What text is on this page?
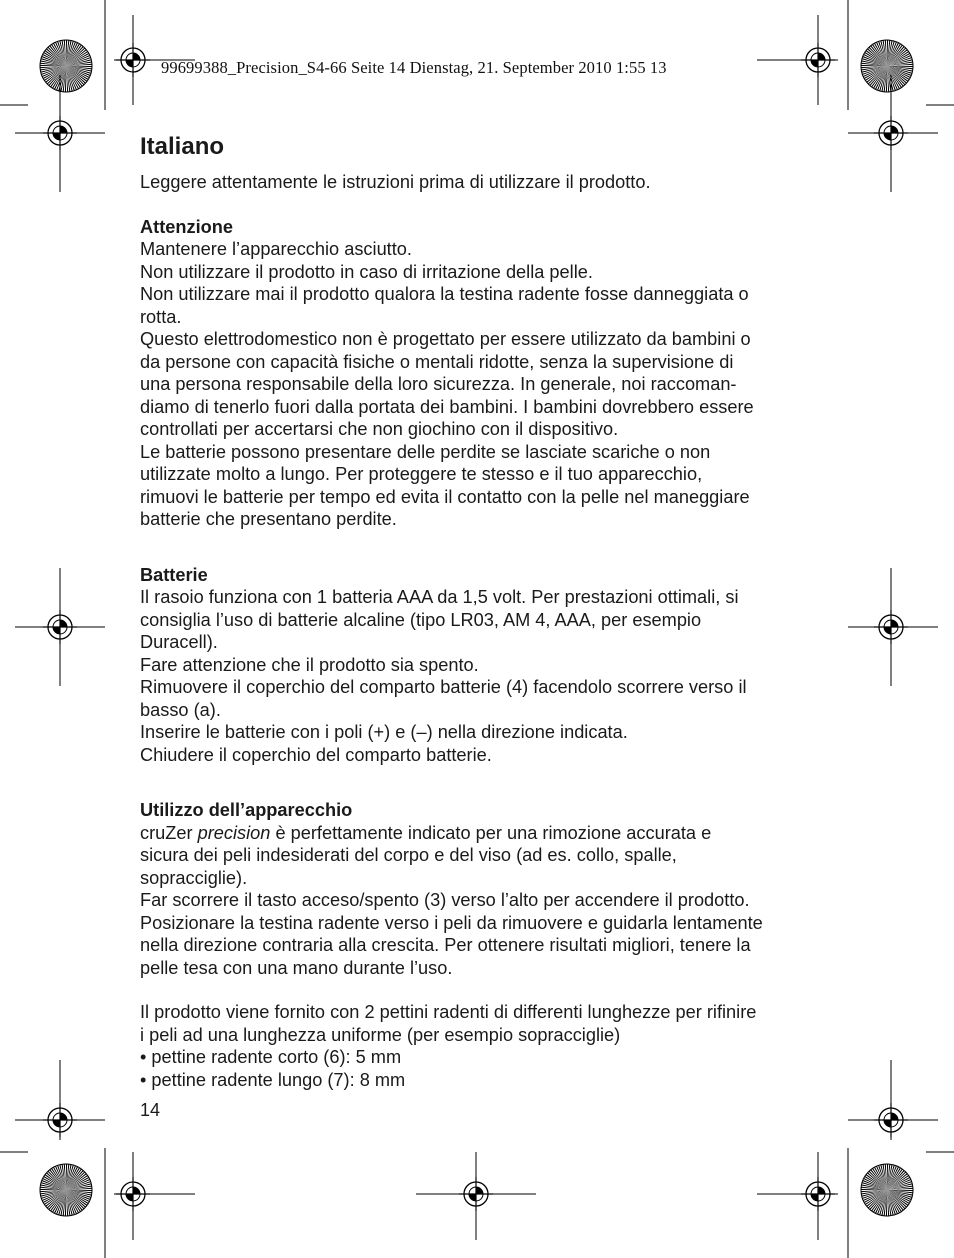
99699388_Precision_S4-66 Seite 14 Dienstag, 21. September 2010 1:55 13
Italiano

Leggere attentamente le istruzioni prima di utilizzare il prodotto.

Attenzione

Mantenere l’apparecchio asciutto.

Non utilizzare il prodotto in caso di irritazione della pelle.

Non utilizzare mai il prodotto qualora la testina radente fosse danneggiata o

rotta.

Questo elettrodomestico non è progettato per essere utilizzato da bambini o

da persone con capacità fisiche o mentali ridotte, senza la supervisione di

una persona responsabile della loro sicurezza. In generale, noi raccoman-

diamo di tenerlo fuori dalla portata dei bambini. I bambini dovrebbero essere

controllati per accertarsi che non giochino con il dispositivo.

Le batterie possono presentare delle perdite se lasciate scariche o non

utilizzate molto a lungo. Per proteggere te stesso e il tuo apparecchio,

rimuovi le batterie per tempo ed evita il contatto con la pelle nel maneggiare

batterie che presentano perdite.

Batterie

Il rasoio funziona con 1 batteria AAA da 1,5 volt. Per prestazioni ottimali, si

consiglia l’uso di batterie alcaline (tipo LR03, AM 4, AAA, per esempio

Duracell).

Fare attenzione che il prodotto sia spento.

Rimuovere il coperchio del comparto batterie (4) facendolo scorrere verso il

basso (a).

Inserire le batterie con i poli (+) e (–) nella direzione indicata.

Chiudere il coperchio del comparto batterie.

Utilizzo dell’apparecchio

cruZer precision è perfettamente indicato per una rimozione accurata e

sicura dei peli indesiderati del corpo e del viso (ad es. collo, spalle,

sopracciglie).

Far scorrere il tasto acceso/spento (3) verso l’alto per accendere il prodotto.

Posizionare la testina radente verso i peli da rimuovere e guidarla lentamente

nella direzione contraria alla crescita. Per ottenere risultati migliori, tenere la

pelle tesa con una mano durante l’uso.

Il prodotto viene fornito con 2 pettini radenti di differenti lunghezze per rifinire

i peli ad una lunghezza uniforme (per esempio sopracciglie)

• pettine radente corto (6): 5 mm
• pettine radente lungo (7): 8 mm
14
